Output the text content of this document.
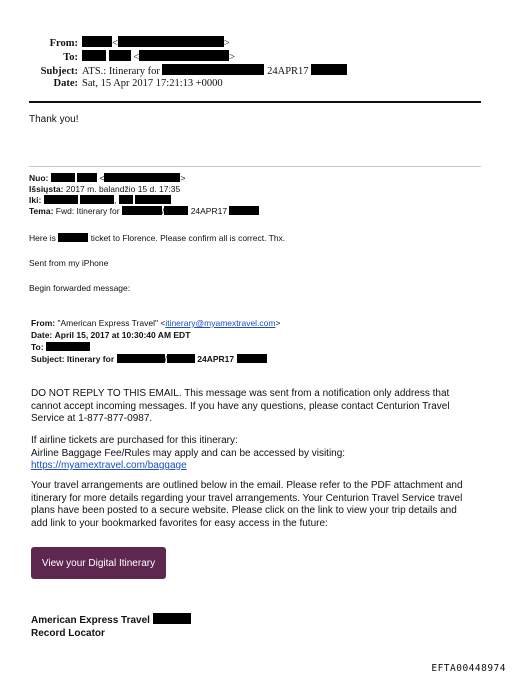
From:	<	>
To:	<	>
Subject: ATS.: Itinerary for	24APR17
Date: Sat, 15 Apr 2017 17:21:13 +0000
Thank you!
Nuo:	<	>
Išsiųsta: 2017 m. balandžio 15 d. 17:35
Iki:	,
Tema: Fwd: Itinerary for	/	24APR17
Here is	ticket to Florence. Please confirm all is correct. Thx.
Sent from my iPhone
Begin forwarded message:
From: "American Express Travel" <itinerary@myamextravel.com>
Date: April 15, 2017 at 10:30:40 AM EDT
To:
Subject: Itinerary for	/	24APR17
DO NOT REPLY TO THIS EMAIL. This message was sent from a notification only address that
cannot accept incoming messages. If you have any questions, please contact Centurion Travel
Service at 1-877-877-0987.
If airline tickets are purchased for this itinerary:
Airline Baggage Fee/Rules may apply and can be accessed by visiting:
https://myamextravel.com/baggage
Your travel arrangements are outlined below in the email. Please refer to the PDF attachment and
itinerary for more details regarding your travel arrangements. Your Centurion Travel Service travel
plans have been posted to a secure website. Please click on the link to view your trip details and
add link to your bookmarked favorites for easy access in the future:
View your Digital Itinerary
American Express Travel
Record Locator
EFTA00448974
